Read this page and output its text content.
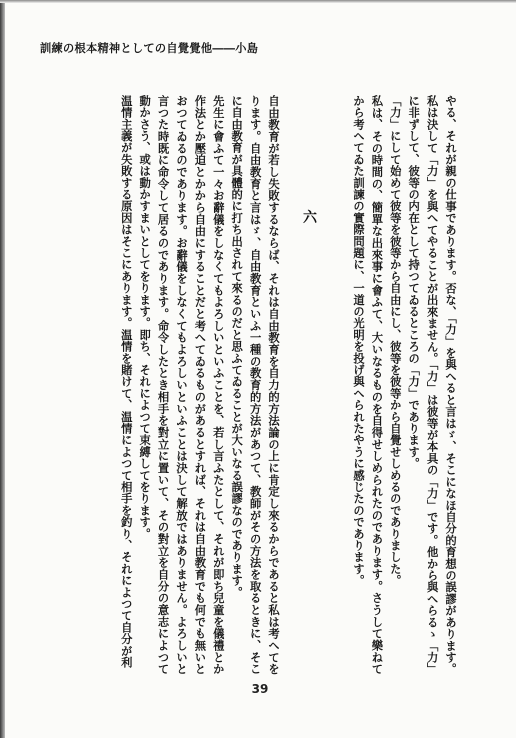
訓練の根本精神としての自覺覺他――小島

やる、それが親の仕事であります。否な、「力」を與へると言はゞ、そこになほ自分的育想の誤謬があります。私は決して「力」を與へてやることが出來ません。「力」は彼等が本具の「力」です。他から與へらるゝ「力」に非ずして、彼等の内在として持つてゐるところの「力」であります。

「力」にして始めて彼等を彼等から自由にし、彼等を彼等から自覺せしめるのでありました。

私は、その時間の、簡單な出來事に會ふて、大いなるものを自得せしめられたのであります。さうして樂ねてから考へてゐた訓諫の實際問題に、一道の光明を投げ與へられたやうに感じたのであります。

自由教育が若し失敗するならば、それは自由教育を自力的方法論の上に肯定し來るからであると私は考へてをります。自由教育と言はゞ、自由教育といふ一種の教育的方法があつて、教師がその方法を取るときに、そこに自由教育が具體的に打ち出されて來るのだと思ふてゐることが大いなる誤謬なのであります。

先生に會ふて一々お辭儀をしなくてもよろしいといふことを、若し言ふたとして、それが即ち兒童を儀禮とか作法とか壓迫とかから自由にすることだと考へてゐるものがあるとすれば、それは自由教育でも何でも無いとおつてゐるのであります。お辭儀をしなくてもよろしいといふことは決して解放ではありません。よろしいと言つた時既に命令して居るのであります。命令したとき相手を對立に置いて、その對立を自分の意志によつて動かさう、或は動かすまいとしてをります。即ち、それによつて束縛してをります。

温情主義が失敗する原因はそこにあります。温情を賭けて、温情によつて相手を釣り、それによつて自分が利	六
39
